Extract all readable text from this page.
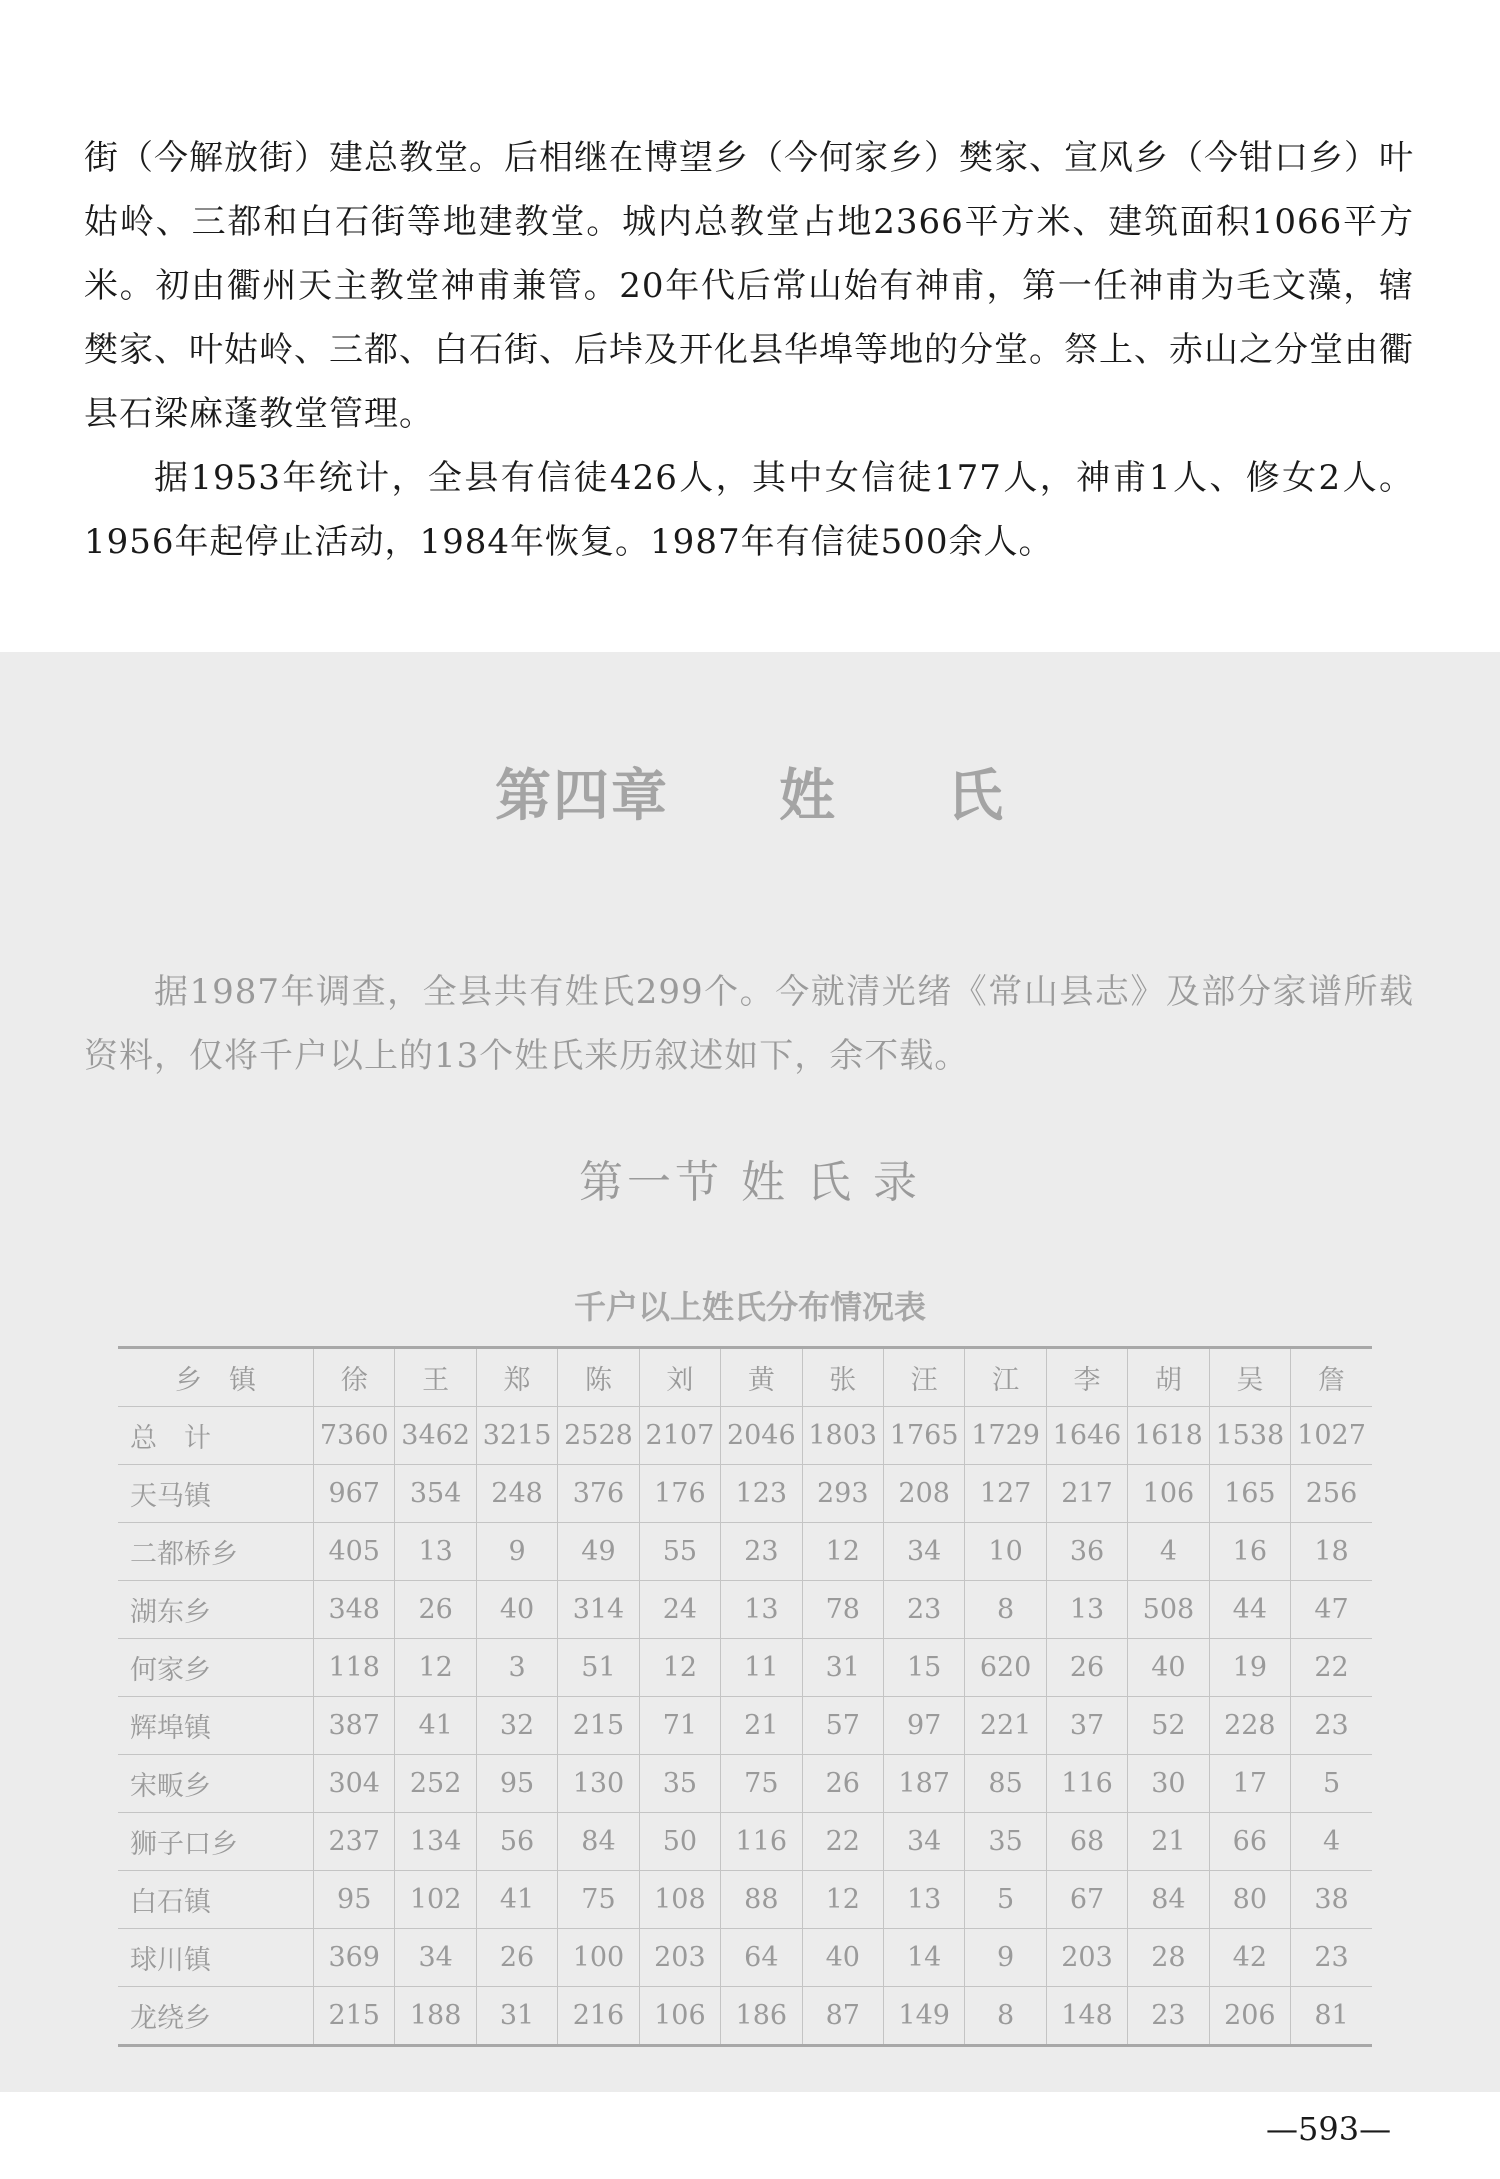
街（今解放街）建总教堂。后相继在博望乡（今何家乡）樊家、宣风乡（今钳口乡）叶姑岭、三都和白石街等地建教堂。城内总教堂占地2366平方米、建筑面积1066平方米。初由衢州天主教堂神甫兼管。20年代后常山始有神甫，第一任神甫为毛文藻，辖樊家、叶姑岭、三都、白石街、后垰及开化县华埠等地的分堂。祭上、赤山之分堂由衢县石梁麻蓬教堂管理。

据1953年统计，全县有信徒426人，其中女信徒177人，神甫1人、修女2人。1956年起停止活动，1984年恢复。1987年有信徒500余人。

第四章 姓 氏

据1987年调查，全县共有姓氏299个。今就清光绪《常山县志》及部分家谱所载资料，仅将千户以上的13个姓氏来历叙述如下，余不载。

第一节 姓 氏 录
千户以上姓氏分布情况表
乡　镇	徐	王	郑	陈	刘	黄	张	汪	江	李	胡	吴	詹
总　计	7360	3462	3215	2528	2107	2046	1803	1765	1729	1646	1618	1538	1027
天马镇	967	354	248	376	176	123	293	208	127	217	106	165	256
二都桥乡	405	13	9	49	55	23	12	34	10	36	4	16	18
湖东乡	348	26	40	314	24	13	78	23	8	13	508	44	47
何家乡	118	12	3	51	12	11	31	15	620	26	40	19	22
辉埠镇	387	41	32	215	71	21	57	97	221	37	52	228	23
宋畈乡	304	252	95	130	35	75	26	187	85	116	30	17	5
狮子口乡	237	134	56	84	50	116	22	34	35	68	21	66	4
白石镇	95	102	41	75	108	88	12	13	5	67	84	80	38
球川镇	369	34	26	100	203	64	40	14	9	203	28	42	23
龙绕乡	215	188	31	216	106	186	87	149	8	148	23	206	81
—593—
